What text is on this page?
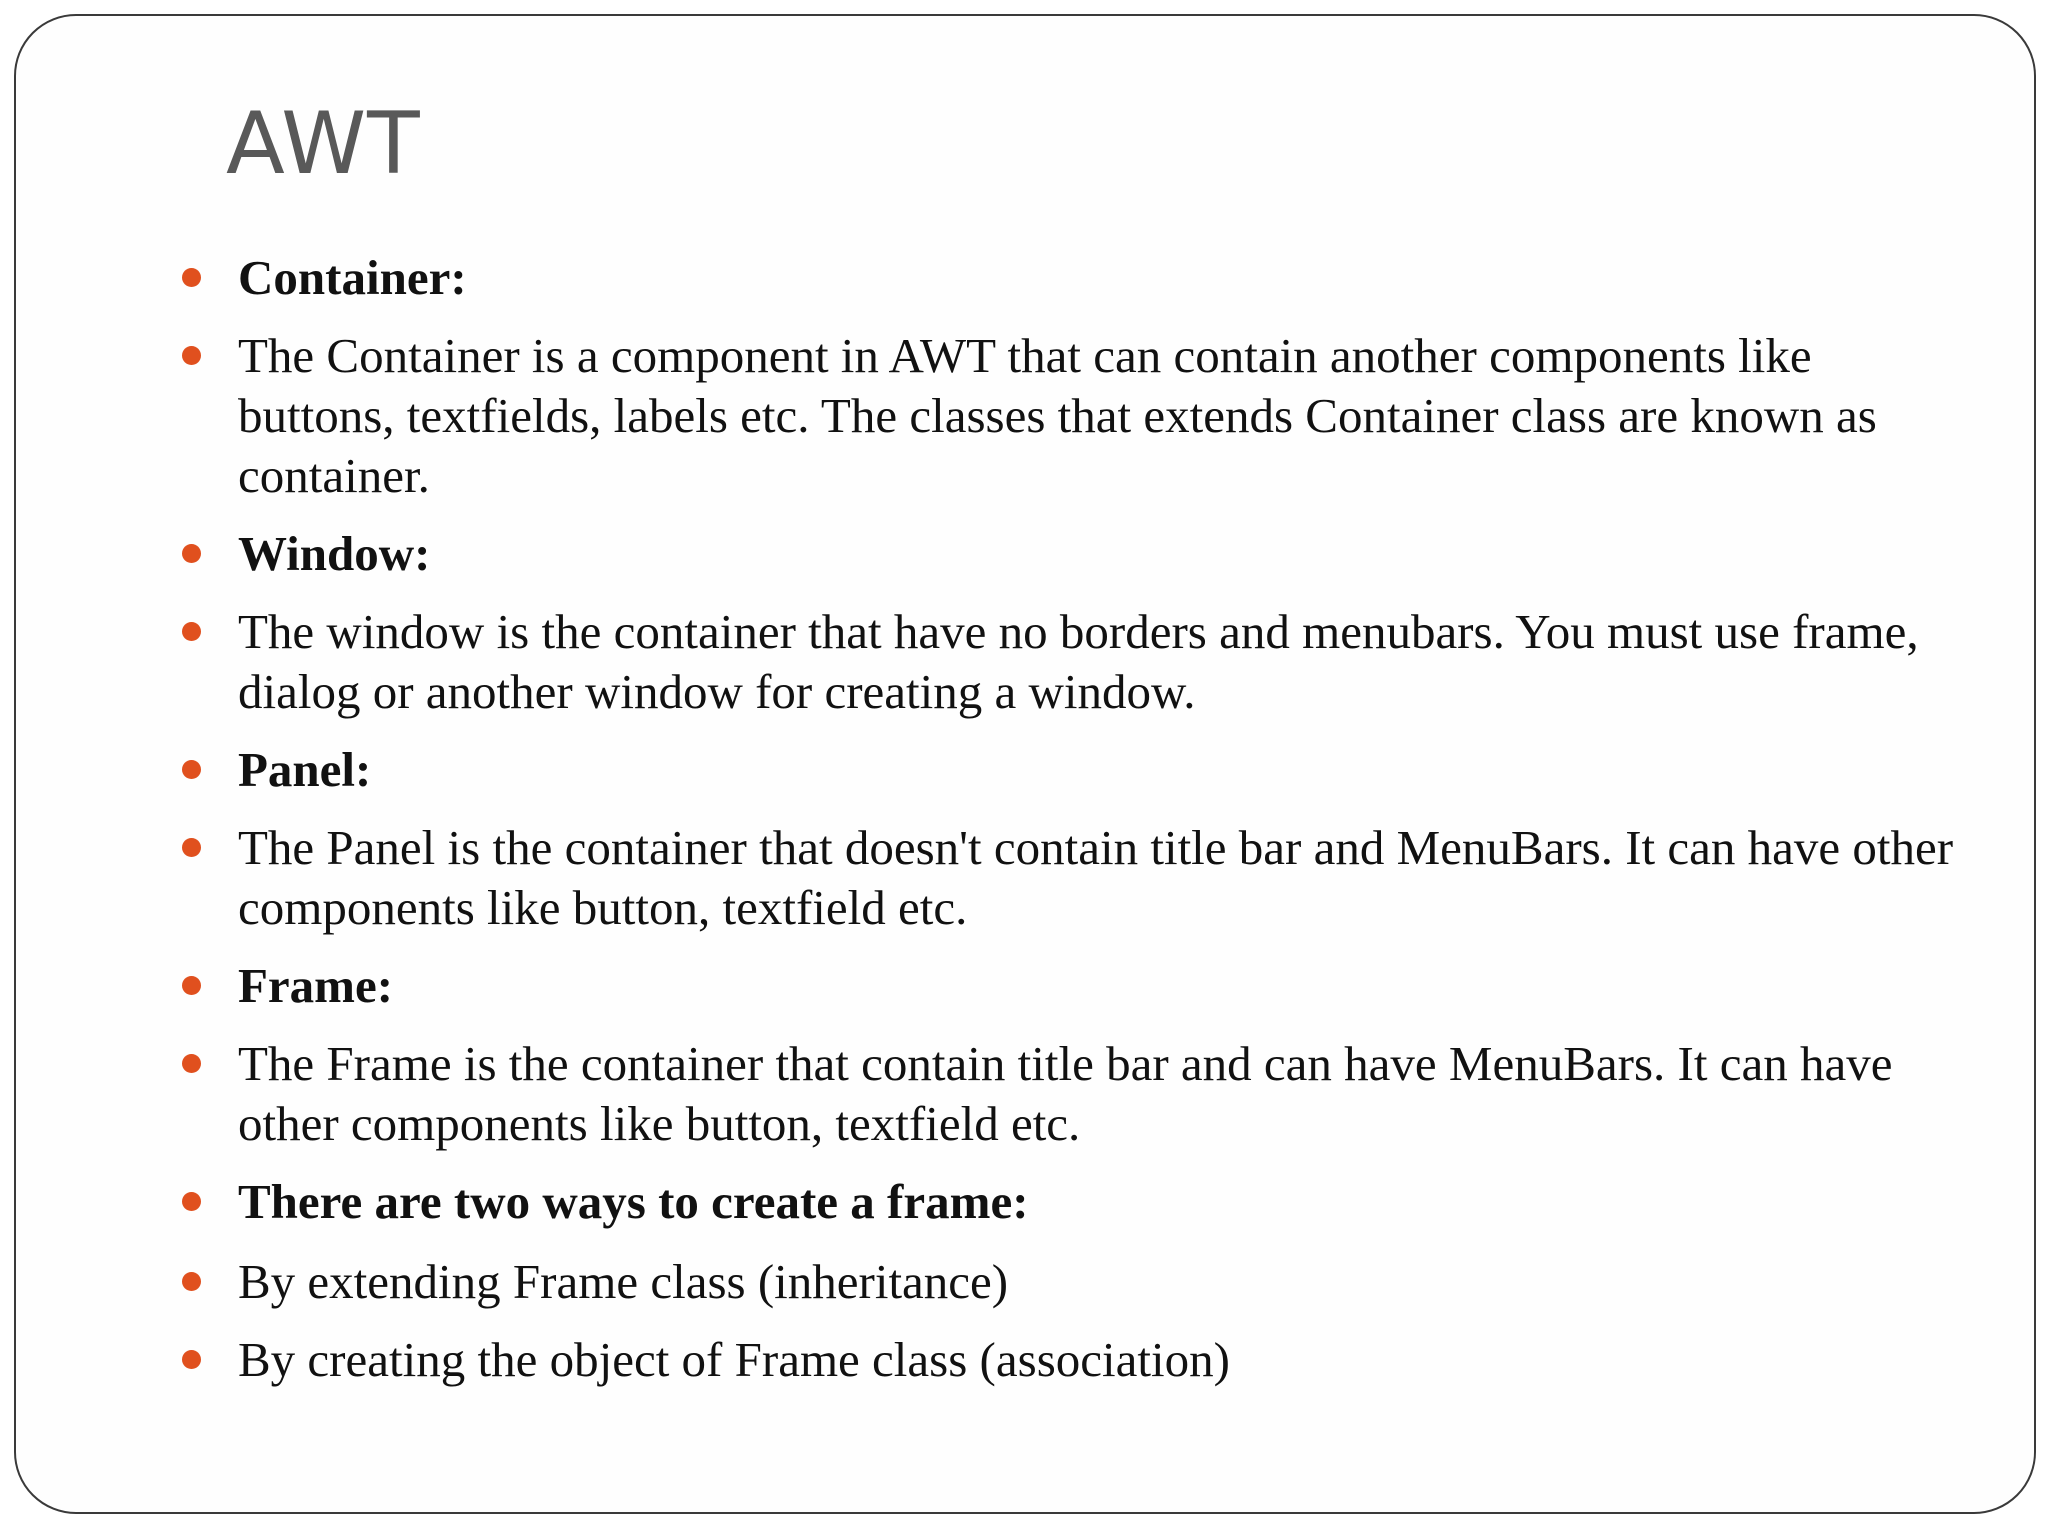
AWT
Container:
The Container is a component in AWT that can contain another components like buttons, textfields, labels etc. The classes that extends Container class are known as container.
Window:
The window is the container that have no borders and menubars. You must use frame, dialog or another window for creating a window.
Panel:
The Panel is the container that doesn't contain title bar and MenuBars. It can have other components like button, textfield etc.
Frame:
The Frame is the container that contain title bar and can have MenuBars. It can have other components like button, textfield etc.
There are two ways to create a frame:
By extending Frame class (inheritance)
By creating the object of Frame class (association)
